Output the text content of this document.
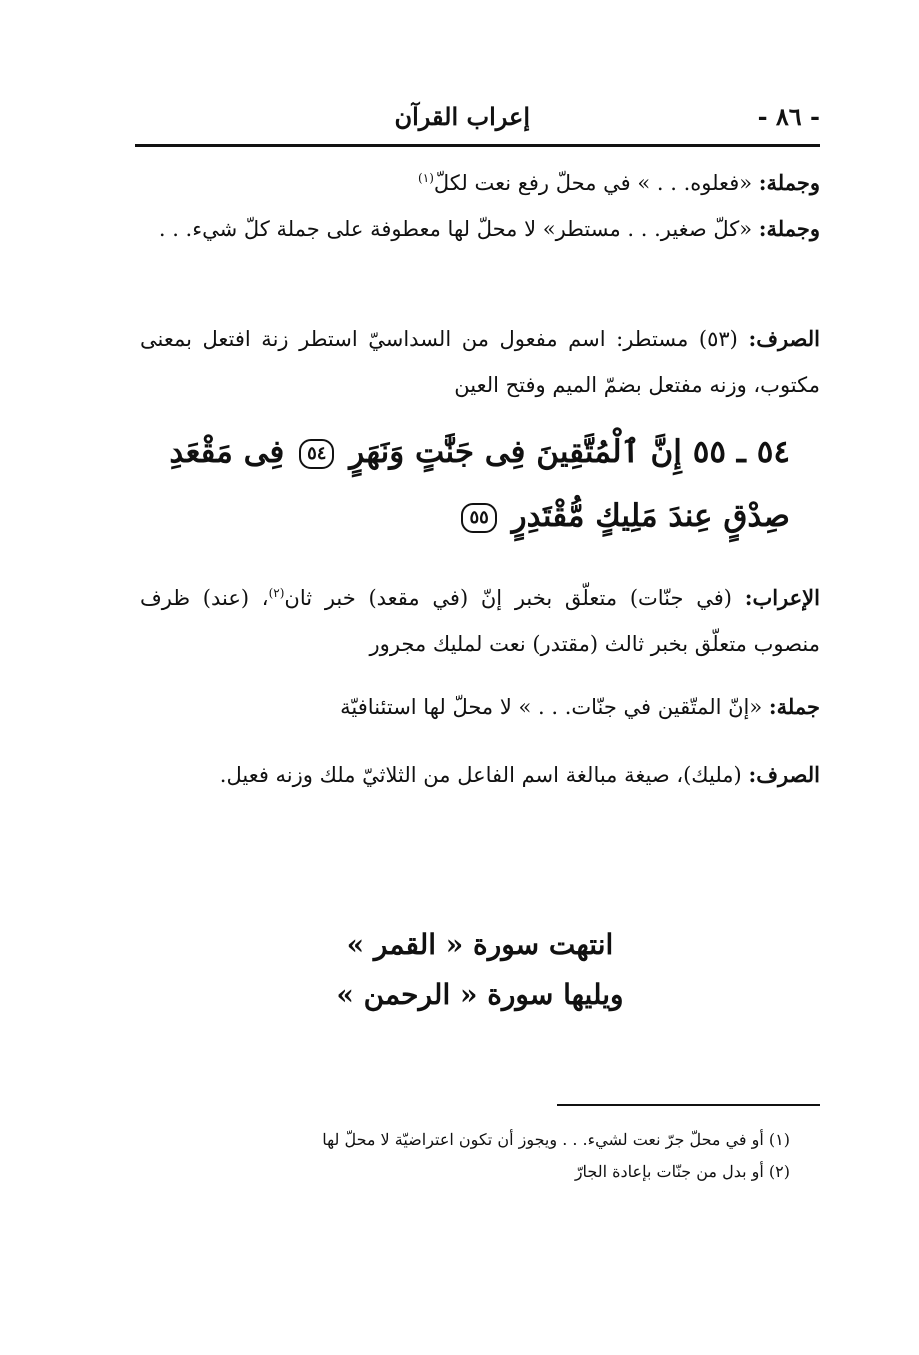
- ٨٦ -
إعراب القرآن
وجملة: «فعلوه. . . » في محلّ رفع نعت لكلّ$^{(١)}$
وجملة: «كلّ صغير. . . مستطر» لا محلّ لها معطوفة على جملة كلّ شيء. . .
الصرف: (٥٣) مستطر: اسم مفعول من السداسيّ استطر زنة افتعل بمعنى مكتوب، وزنه مفتعل بضمّ الميم وفتح العين
٥٤ ـ ٥٥ إِنَّ ٱلْمُتَّقِينَ فِى جَنَّٰتٍ وَنَهَرٍ ٥٤ فِى مَقْعَدِ صِدْقٍ عِندَ مَلِيكٍ مُّقْتَدِرٍ ٥٥
الإعراب: (في جنّات) متعلّق بخبر إنّ (في مقعد) خبر ثان$^{(٢)}$، (عند) ظرف منصوب متعلّق بخبر ثالث (مقتدر) نعت لمليك مجرور
جملة: «إنّ المتّقين في جنّات. . . » لا محلّ لها استئنافيّة
الصرف: (مليك)، صيغة مبالغة اسم الفاعل من الثلاثيّ ملك وزنه فعيل.
انتهت سورة « القمر »
ويليها سورة « الرحمن »
(١) أو في محلّ جرّ نعت لشيء. . . ويجوز أن تكون اعتراضيّة لا محلّ لها
(٢) أو بدل من جنّات بإعادة الجارّ
